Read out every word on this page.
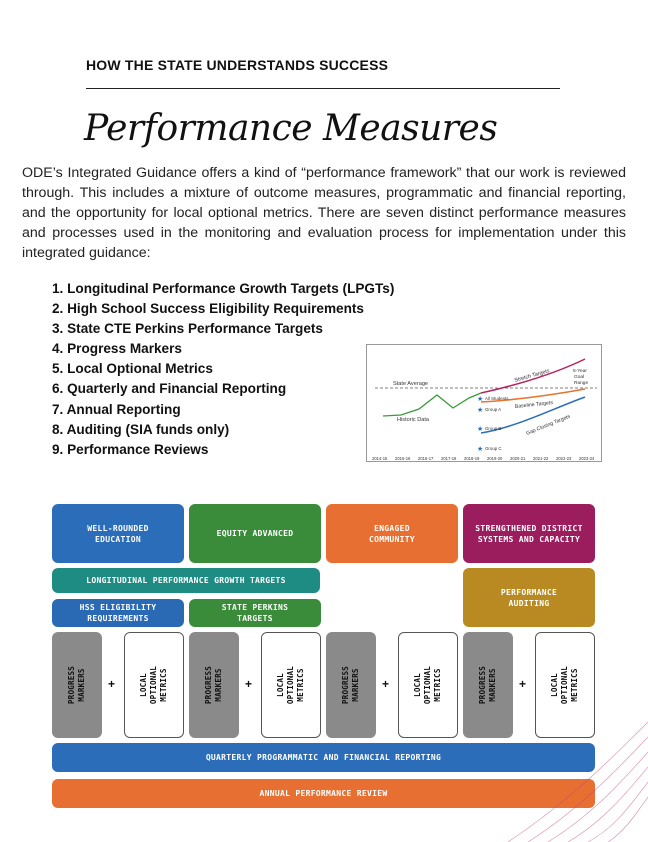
HOW THE STATE UNDERSTANDS SUCCESS
Performance Measures

ODE’s Integrated Guidance offers a kind of “performance framework” that our work is reviewed through. This includes a mixture of outcome measures, programmatic and financial reporting, and the opportunity for local optional metrics. There are seven distinct performance measures and processes used in the monitoring and evaluation process for implementation under this integrated guidance:

1. Longitudinal Performance Growth Targets (LPGTs)
2. High School Success Eligibility Requirements
3. State CTE Perkins Performance Targets
4. Progress Markers
5. Local Optional Metrics
6. Quarterly and Financial Reporting
7. Annual Reporting
8. Auditing (SIA funds only)
9. Performance Reviews
State Average
Historic Data
Stretch Targets	5-Year
Goal
Range
Baseline Targets
Gap Closing Targets
★ All Students
★ Group A
★ Group B
★ Group C
2014-15 2015-16 2016-17 2017-18 2018-19 2019-20 2020-21 2021-22 2022-23 2023-24
WELL-ROUNDED EDUCATION
EQUITY ADVANCED
ENGAGED COMMUNITY
STRENGTHENED DISTRICT SYSTEMS AND CAPACITY
LONGITUDINAL PERFORMANCE GROWTH TARGETS
PERFORMANCE AUDITING
HSS ELIGIBILITY REQUIREMENTS
STATE PERKINS TARGETS
PROGRESS MARKERS +	LOCAL OPTIONAL METRICS	PROGRESS MARKERS +	LOCAL OPTIONAL METRICS	PROGRESS MARKERS +	LOCAL OPTIONAL METRICS	PROGRESS MARKERS +	LOCAL OPTIONAL METRICS
QUARTERLY PROGRAMMATIC AND FINANCIAL REPORTING
ANNUAL PERFORMANCE REVIEW
